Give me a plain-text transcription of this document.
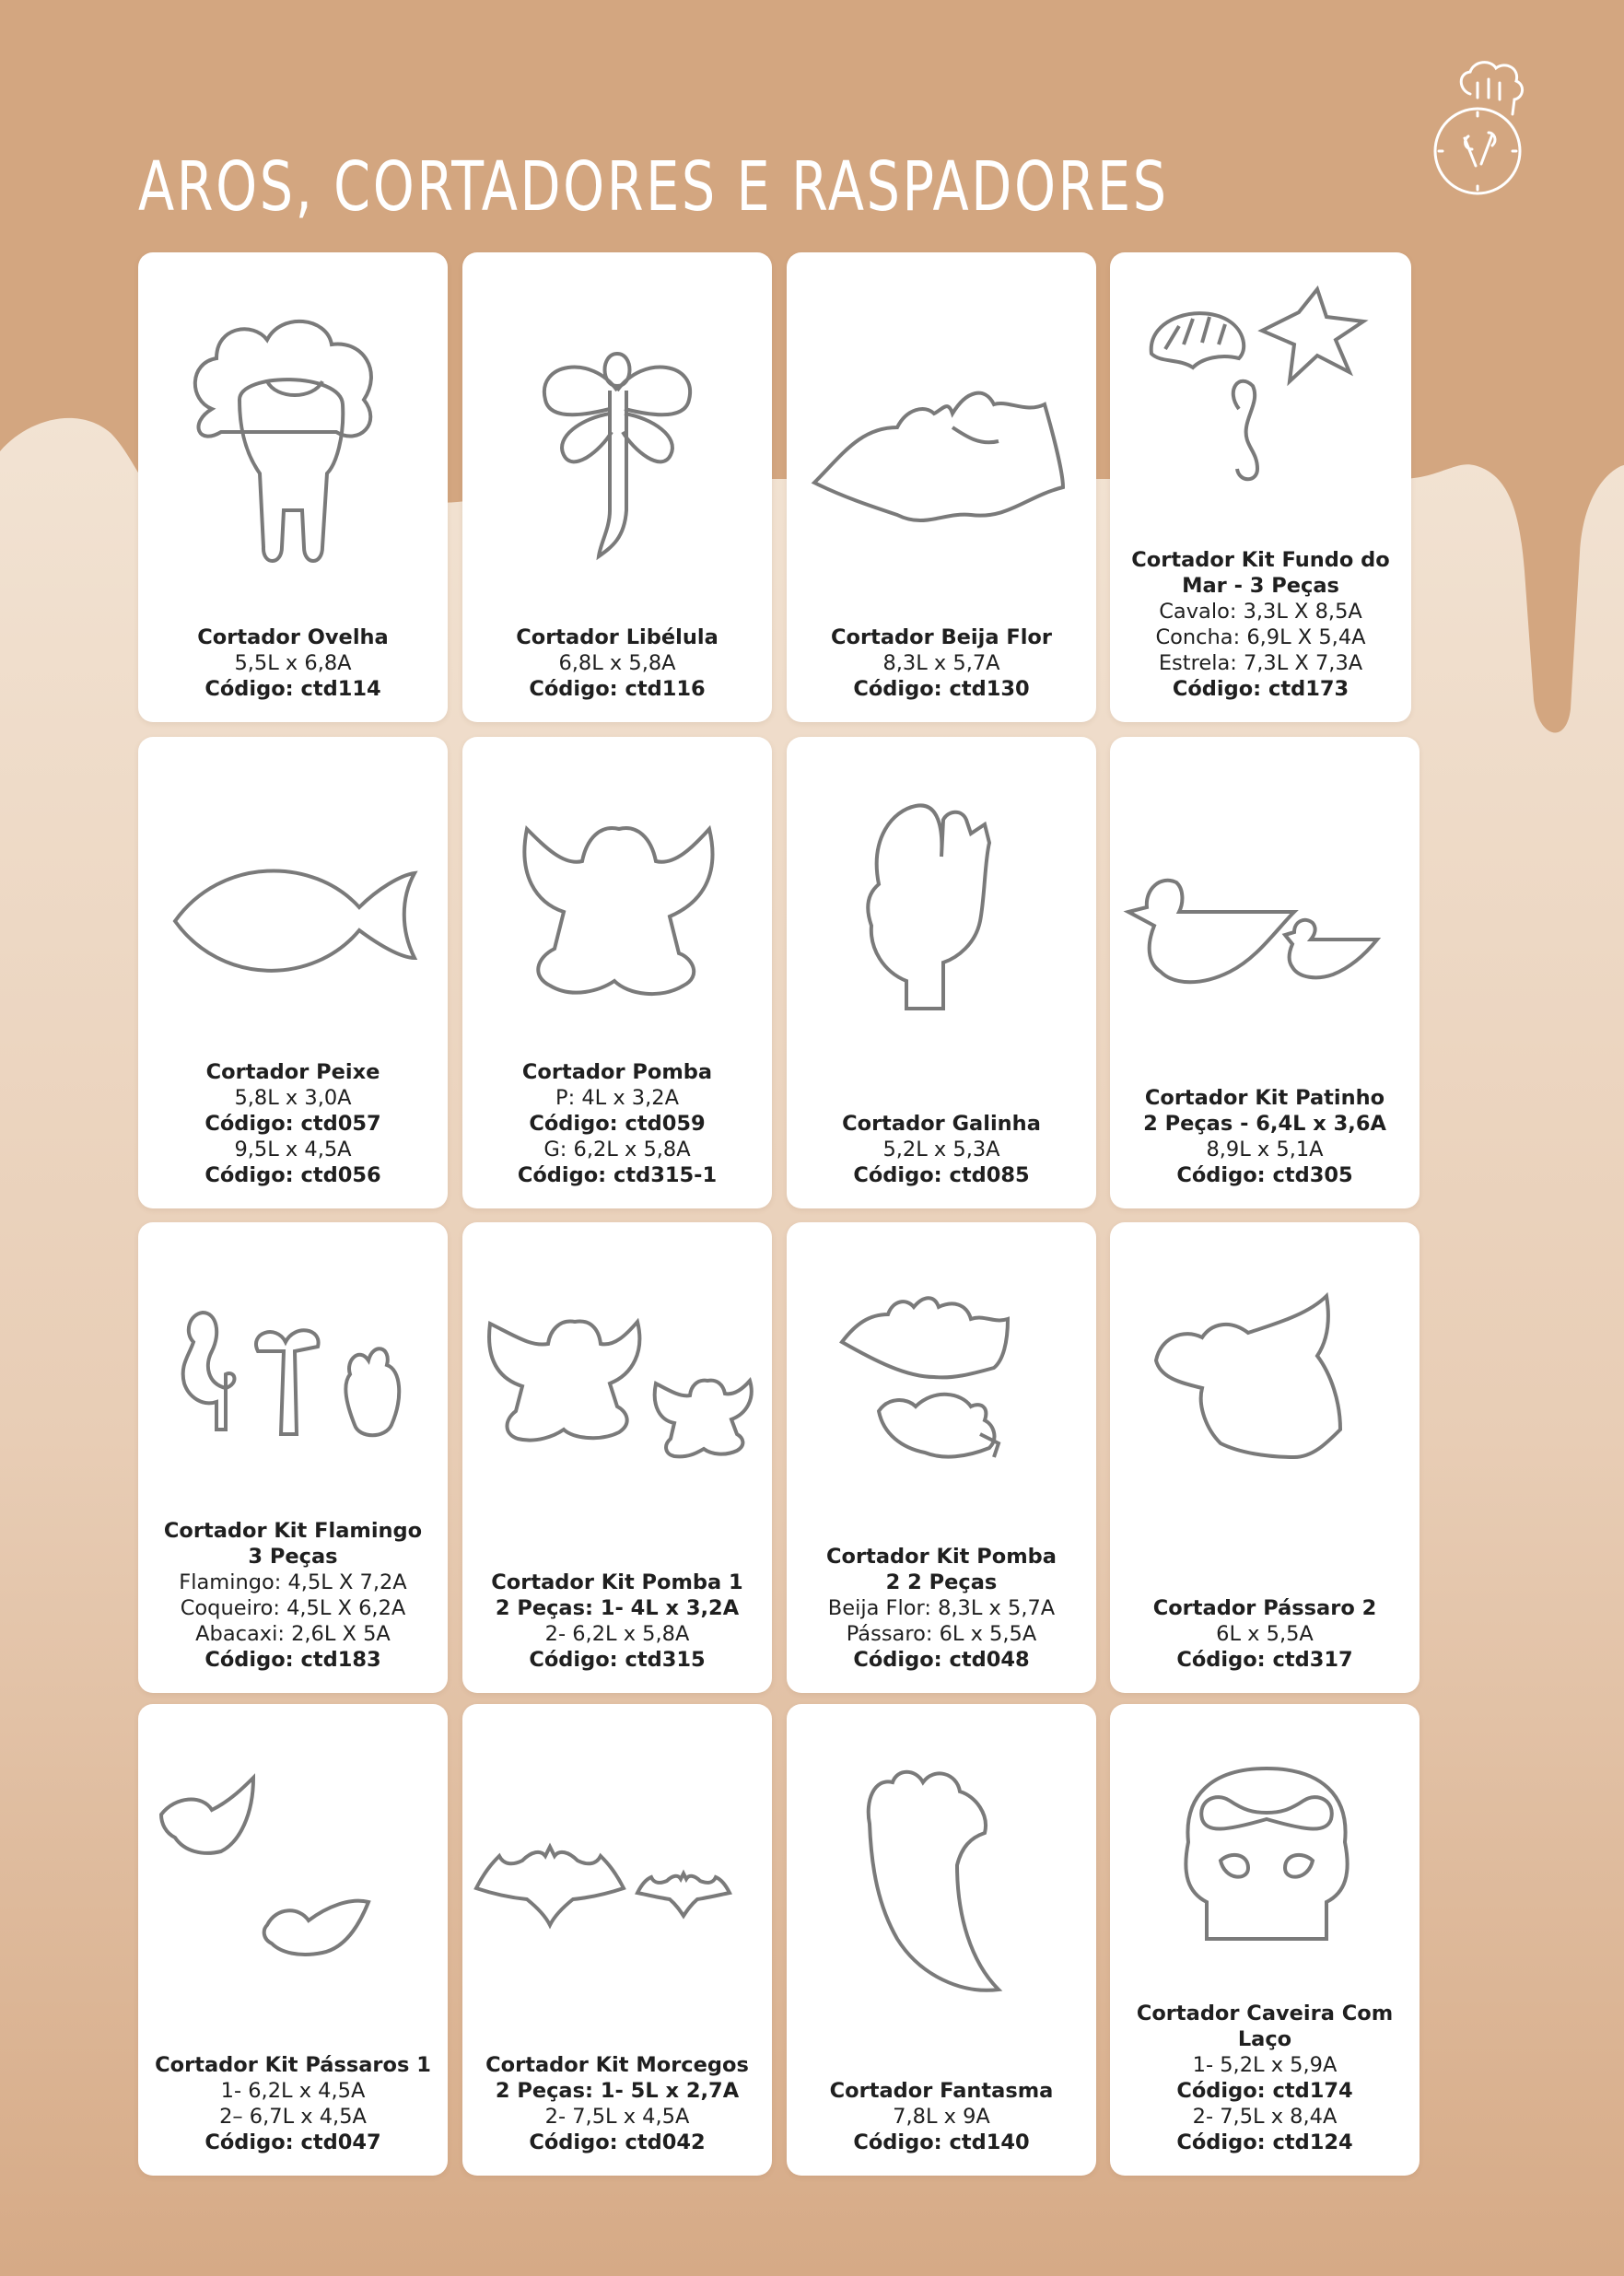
AROS, CORTADORES E RASPADORES
Cortador Ovelha
5,5L x 6,8A
Código: ctd114
Cortador Libélula
6,8L x 5,8A
Código: ctd116
Cortador Beija Flor
8,3L x 5,7A
Código: ctd130
Cortador Kit Fundo do Mar - 3 Peças
Cavalo: 3,3L X 8,5A
Concha: 6,9L X 5,4A
Estrela: 7,3L X 7,3A
Código: ctd173
Cortador Peixe
5,8L x 3,0A
Código: ctd057
9,5L x 4,5A
Código: ctd056
Cortador Pomba
P: 4L x 3,2A
Código: ctd059
G: 6,2L x 5,8A
Código: ctd315-1
Cortador Galinha
5,2L x 5,3A
Código: ctd085
Cortador Kit Patinho
2 Peças - 6,4L x 3,6A
8,9L x 5,1A
Código: ctd305
Cortador Kit Flamingo 3 Peças
Flamingo: 4,5L X 7,2A
Coqueiro: 4,5L X 6,2A
Abacaxi: 2,6L X 5A
Código: ctd183
Cortador Kit Pomba 1
2 Peças: 1- 4L x 3,2A
2- 6,2L x 5,8A
Código: ctd315
Cortador Kit Pomba 2 2 Peças
Beija Flor: 8,3L x 5,7A
Pássaro: 6L x 5,5A
Código: ctd048
Cortador Pássaro 2
6L x 5,5A
Código: ctd317
Cortador Kit Pássaros 1
1- 6,2L x 4,5A
2– 6,7L x 4,5A
Código: ctd047
Cortador Kit Morcegos
2 Peças: 1- 5L x 2,7A
2- 7,5L x 4,5A
Código: ctd042
Cortador Fantasma
7,8L x 9A
Código: ctd140
Cortador Caveira Com Laço
1- 5,2L x 5,9A
Código: ctd174
2- 7,5L x 8,4A
Código: ctd124
